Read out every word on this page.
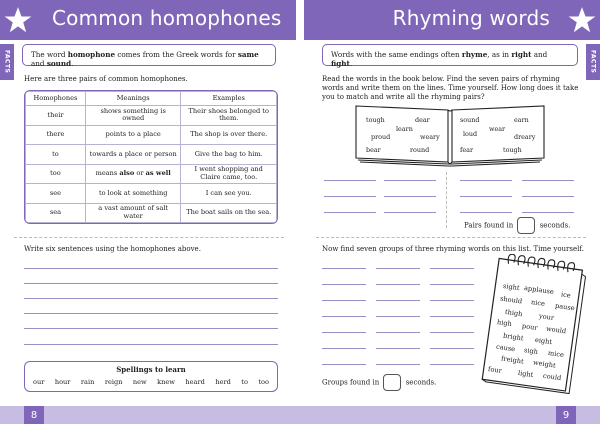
Common homophones	Rhyming words
FACTS	FACTS
The word homophone comes from the Greek words for same and sound.
Here are three pairs of common homophones.
Homophones	Meanings	Examples
their	shows something is owned	Their shoes belonged to them.
there	points to a place	The shop is over there.
to	towards a place or person	Give the bag to him.
too	means also or as well	I went shopping and Claire came, too.
see	to look at something	I can see you.
sea	a vast amount of salt water	The boat sails on the sea.
Write six sentences using the homophones above.
Spellings to learn
our hour rain reign new knew heard herd to too
Words with the same endings often rhyme, as in right and fight.
Read the words in the book below. Find the seven pairs of rhyming words and write them on the lines. Time yourself. How long does it take you to match and write all the rhyming pairs?
tough	dear
learn
proud	weary
bear	round
sound	earn
wear
loud	dreary
fear	tough
Pairs found in	seconds.
Now find seven groups of three rhyming words on this list. Time yourself.
Groups found in	seconds.
sight applause ice
should nice pause
thigh your
high pour would
bright eight
cause sigh mice
freight weight
four light could
8	9
